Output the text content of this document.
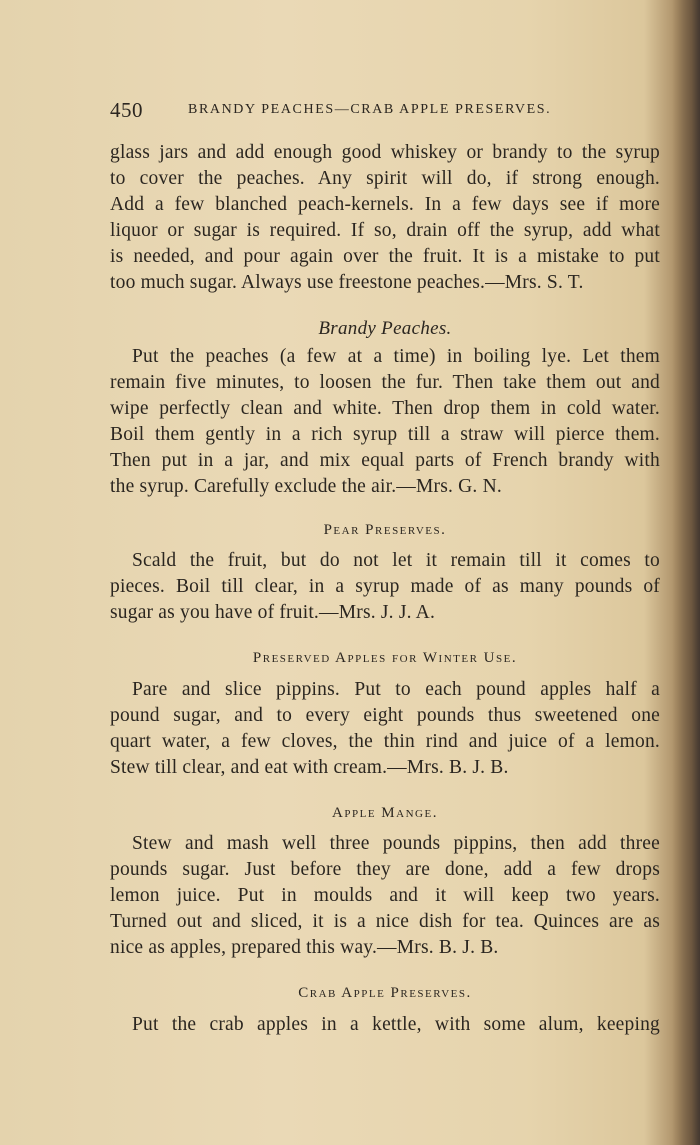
450	BRANDY PEACHES—CRAB APPLE PRESERVES.
glass jars and add enough good whiskey or brandy to the syrup
to cover the peaches. Any spirit will do, if strong enough.
Add a few blanched peach-kernels. In a few days see if more
liquor or sugar is required. If so, drain off the syrup, add what
is needed, and pour again over the fruit. It is a mistake to put
too much sugar. Always use freestone peaches.—Mrs. S. T.
Brandy Peaches.
Put the peaches (a few at a time) in boiling lye. Let them
remain five minutes, to loosen the fur. Then take them out and
wipe perfectly clean and white. Then drop them in cold water.
Boil them gently in a rich syrup till a straw will pierce them.
Then put in a jar, and mix equal parts of French brandy with
the syrup. Carefully exclude the air.—Mrs. G. N.
Pear Preserves.
Scald the fruit, but do not let it remain till it comes to
pieces. Boil till clear, in a syrup made of as many pounds of
sugar as you have of fruit.—Mrs. J. J. A.
Preserved Apples for Winter Use.
Pare and slice pippins. Put to each pound apples half a
pound sugar, and to every eight pounds thus sweetened one
quart water, a few cloves, the thin rind and juice of a lemon.
Stew till clear, and eat with cream.—Mrs. B. J. B.
Apple Mange.
Stew and mash well three pounds pippins, then add three
pounds sugar. Just before they are done, add a few drops
lemon juice. Put in moulds and it will keep two years.
Turned out and sliced, it is a nice dish for tea. Quinces are as
nice as apples, prepared this way.—Mrs. B. J. B.
Crab Apple Preserves.
Put the crab apples in a kettle, with some alum, keeping
